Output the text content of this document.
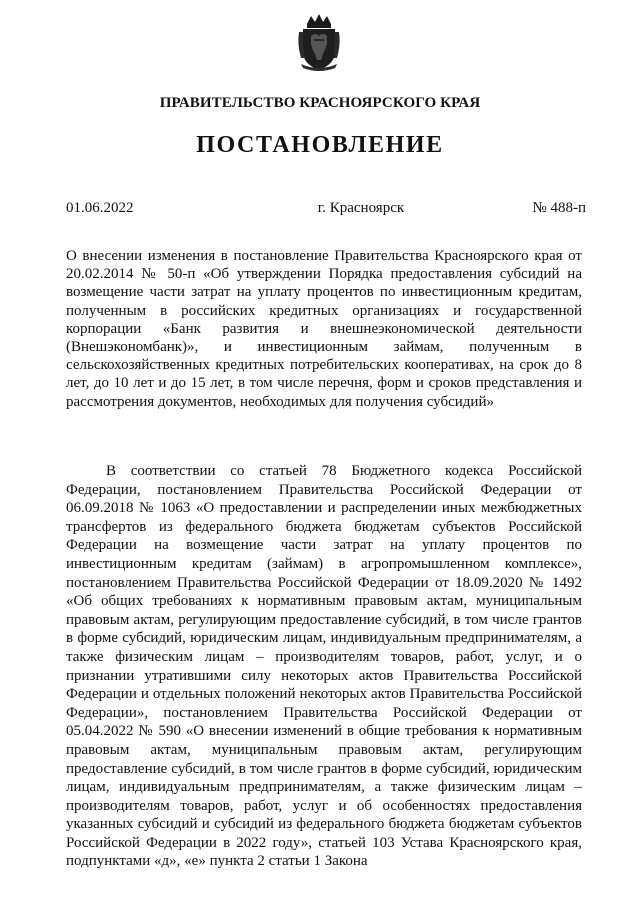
ПРАВИТЕЛЬСТВО КРАСНОЯРСКОГО КРАЯ
ПОСТАНОВЛЕНИЕ
01.06.2022	г. Красноярск	№ 488-п
О внесении изменения в постановление Правительства Красноярского края от 20.02.2014 № 50-п «Об утверждении Порядка предоставления субсидий на возмещение части затрат на уплату процентов по инвестиционным кредитам, полученным в российских кредитных организациях и государственной корпорации «Банк развития и внешнеэкономической деятельности (Внешэкономбанк)», и инвестиционным займам, полученным в сельскохозяйственных кредитных потребительских кооперативах, на срок до 8 лет, до 10 лет и до 15 лет, в том числе перечня, форм и сроков представления и рассмотрения документов, необходимых для получения субсидий»
В соответствии со статьей 78 Бюджетного кодекса Российской Федерации, постановлением Правительства Российской Федерации от 06.09.2018 № 1063 «О предоставлении и распределении иных межбюджетных трансфертов из федерального бюджета бюджетам субъектов Российской Федерации на возмещение части затрат на уплату процентов по инвестиционным кредитам (займам) в агропромышленном комплексе», постановлением Правительства Российской Федерации от 18.09.2020 № 1492 «Об общих требованиях к нормативным правовым актам, муниципальным правовым актам, регулирующим предоставление субсидий, в том числе грантов в форме субсидий, юридическим лицам, индивидуальным предпринимателям, а также физическим лицам – производителям товаров, работ, услуг, и о признании утратившими силу некоторых актов Правительства Российской Федерации и отдельных положений некоторых актов Правительства Российской Федерации», постановлением Правительства Российской Федерации от 05.04.2022 № 590 «О внесении изменений в общие требования к нормативным правовым актам, муниципальным правовым актам, регулирующим предоставление субсидий, в том числе грантов в форме субсидий, юридическим лицам, индивидуальным предпринимателям, а также физическим лицам – производителям товаров, работ, услуг и об особенностях предоставления указанных субсидий и субсидий из федерального бюджета бюджетам субъектов Российской Федерации в 2022 году», статьей 103 Устава Красноярского края, подпунктами «д», «е» пункта 2 статьи 1 Закона
